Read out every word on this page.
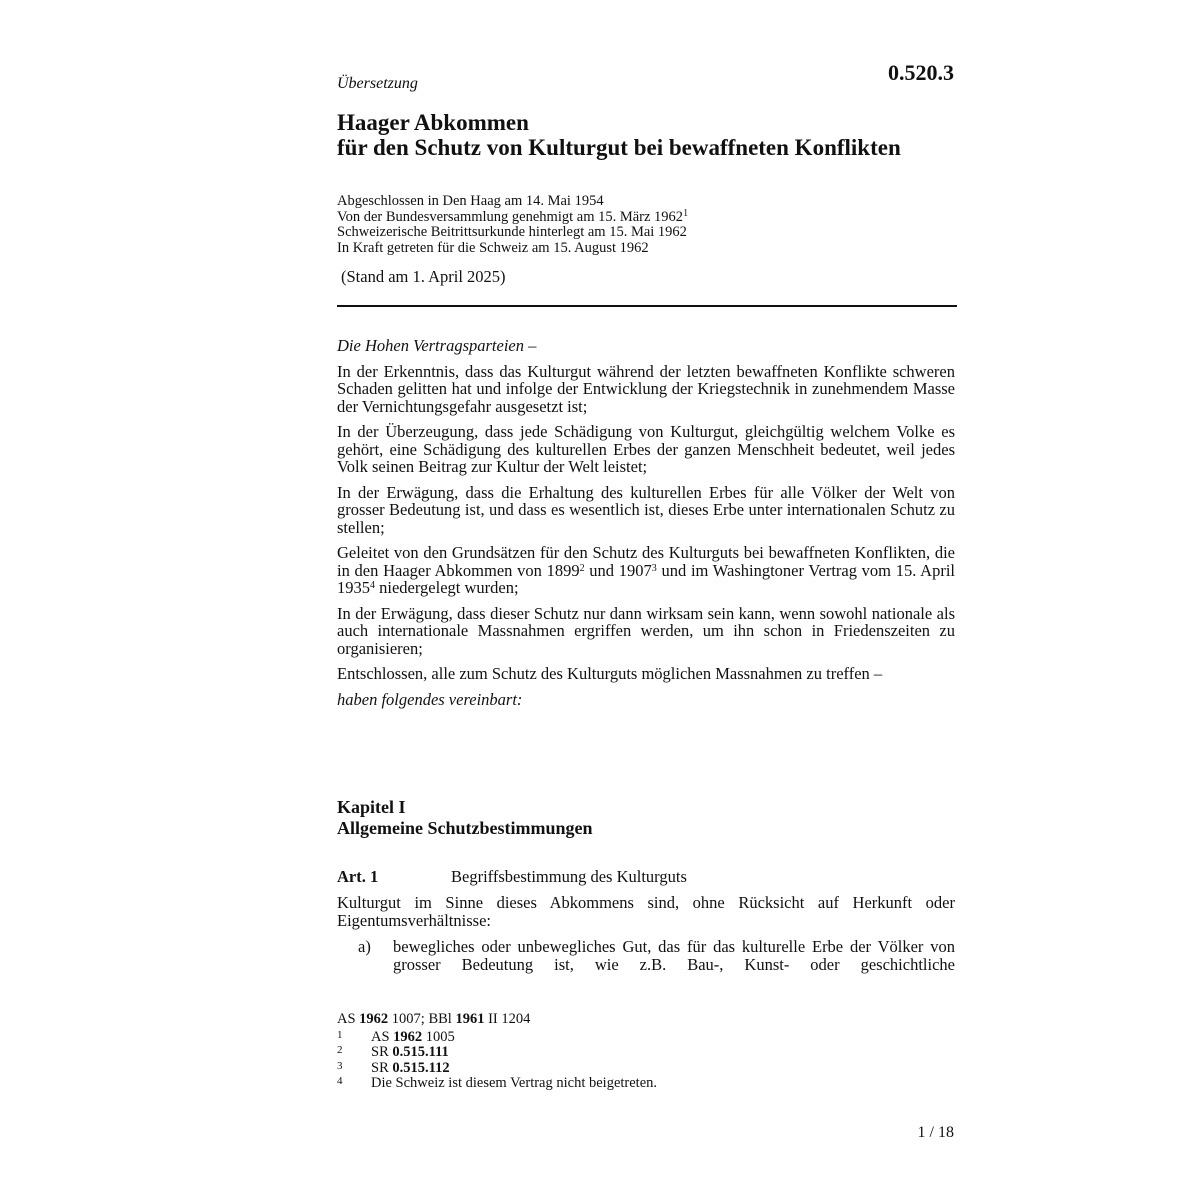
0.520.3
Übersetzung
Haager Abkommen
für den Schutz von Kulturgut bei bewaffneten Konflikten
Abgeschlossen in Den Haag am 14. Mai 1954
Von der Bundesversammlung genehmigt am 15. März 1962$^1$
Schweizerische Beitrittsurkunde hinterlegt am 15. Mai 1962
In Kraft getreten für die Schweiz am 15. August 1962
(Stand am 1. April 2025)

Die Hohen Vertragsparteien –

In der Erkenntnis, dass das Kulturgut während der letzten bewaffneten Konflikte schweren Schaden gelitten hat und infolge der Entwicklung der Kriegstechnik in zunehmendem Masse der Vernichtungsgefahr ausgesetzt ist;

In der Überzeugung, dass jede Schädigung von Kulturgut, gleichgültig welchem Volke es gehört, eine Schädigung des kulturellen Erbes der ganzen Menschheit bedeutet, weil jedes Volk seinen Beitrag zur Kultur der Welt leistet;

In der Erwägung, dass die Erhaltung des kulturellen Erbes für alle Völker der Welt von grosser Bedeutung ist, und dass es wesentlich ist, dieses Erbe unter internationalen Schutz zu stellen;

Geleitet von den Grundsätzen für den Schutz des Kulturguts bei bewaffneten Konflikten, die in den Haager Abkommen von 1899$^2$ und 1907$^3$ und im Washingtoner Vertrag vom 15. April 1935$^4$ niedergelegt wurden;

In der Erwägung, dass dieser Schutz nur dann wirksam sein kann, wenn sowohl nationale als auch internationale Massnahmen ergriffen werden, um ihn schon in Friedenszeiten zu organisieren;

Entschlossen, alle zum Schutz des Kulturguts möglichen Massnahmen zu treffen –

haben folgendes vereinbart:

Kapitel I
Allgemeine Schutzbestimmungen
Art. 1	Begriffsbestimmung des Kulturguts

Kulturgut im Sinne dieses Abkommens sind, ohne Rücksicht auf Herkunft oder Eigentumsverhältnisse:

a)	bewegliches oder unbewegliches Gut, das für das kulturelle Erbe der Völker von grosser Bedeutung ist, wie z.B. Bau-, Kunst- oder geschichtliche
AS 1962 1007; BBl 1961 II 1204
1 AS 1962 1005
2 SR 0.515.111
3 SR 0.515.112
4 Die Schweiz ist diesem Vertrag nicht beigetreten.
1 / 18
